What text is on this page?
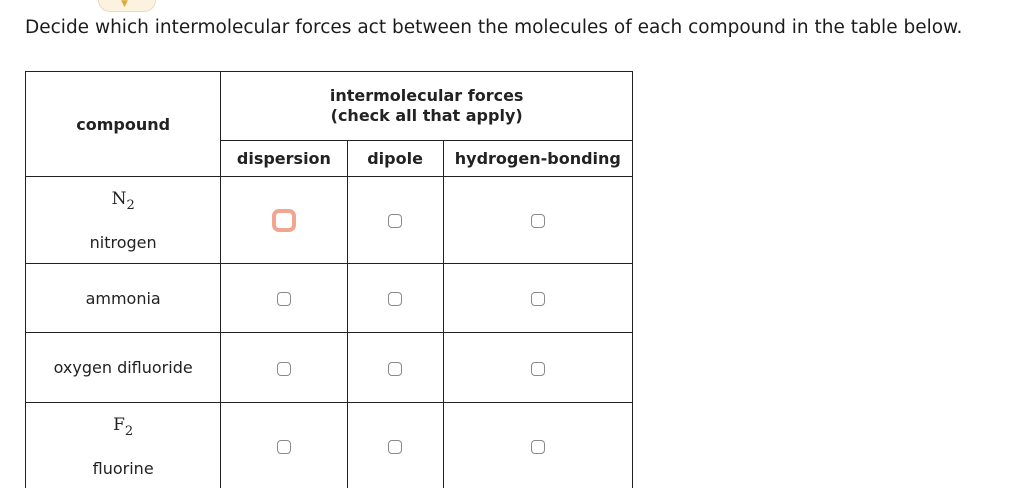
▼
Decide which intermolecular forces act between the molecules of each compound in the table below.
compound	intermolecular forces
(check all that apply)		

	dispersion	dipole	hydrogen-bonding

$N_2$
nitrogen			

ammonia			

oxygen difluoride			

$F_2$
fluorine			
